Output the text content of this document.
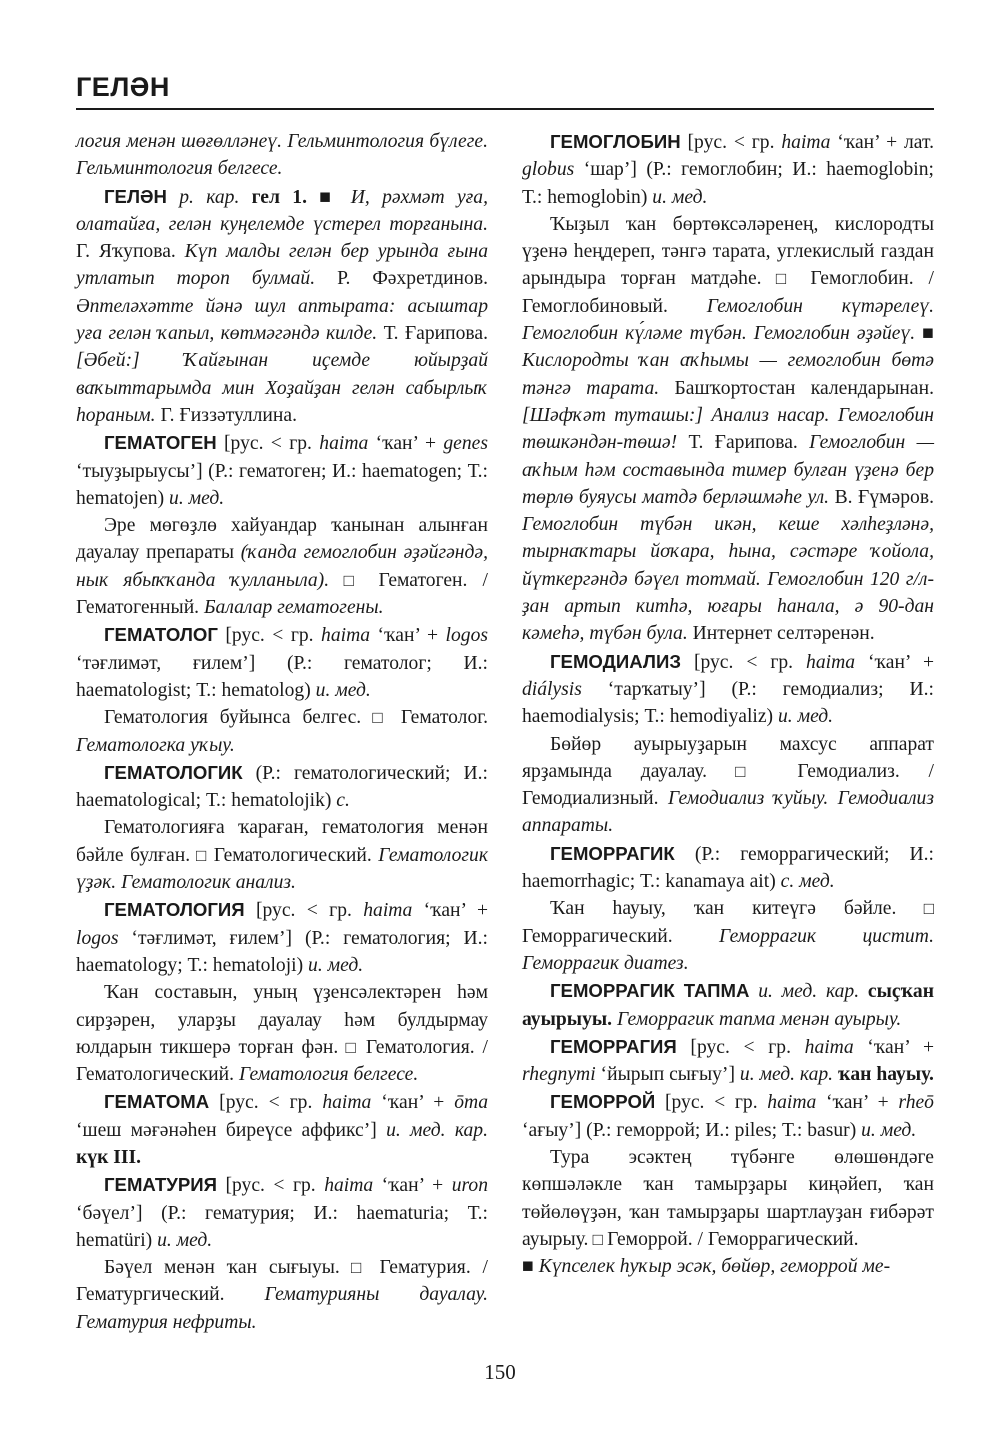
ГЕЛӘН

логия менән шөғөлләнеү. Гельминтология бүлеге. Гельминтология белгесе.

ГЕЛӘН р. кар. гел 1. ■ И, рәхмәт уға, олатайға, гелән куңелемде үстерел торғанына. Г. Яҡупова. Күп малды гелән бер урында ғына утлатып тороп булмай. Р. Фәхретдинов. Әптеләхәтте йәнә шул аптырата: асыштар уға гелән ҡапыл, көтмәгәндә килде. Т. Ғарипова. [Әбей:] Ҡайғынан иҫемде юйырҙай ваҡыттарымда мин Хоҙайҙан гелән сабырлыҡ һораным. Г. Ғиззәтуллина.

ГЕМАТОГЕН [рус. < гр. haima ‘ҡан’ + genes ‘тыуҙырыусы’] (Р.: гематоген; И.: haematogen; Т.: hematojen) и. мед.

Эре мөгөҙлө хайуандар ҡанынан алынған дауалау препараты (ҡанда гемоглобин әҙәйгәндә, нык ябыҡҡанда ҡулланыла). □ Гематоген. / Гематогенный. Балалар гематогены.

ГЕМАТОЛОГ [рус. < гр. haima ‘ҡан’ + logos ‘тәғлимәт, ғилем’] (Р.: гематолог; И.: haematologist; Т.: hematolog) и. мед.

Гематология буйынса белгес. □ Гематолог. Гематологка уҡыу.

ГЕМАТОЛОГИК (Р.: гематологический; И.: haematological; Т.: hematolojik) с.

Гематологияға ҡараған, гематология менән бәйле булған. □ Гематологический. Гематологик үҙәк. Гематологик анализ.

ГЕМАТОЛОГИЯ [рус. < гр. haima ‘ҡан’ + logos ‘тәғлимәт, ғилем’] (Р.: гематология; И.: haematology; Т.: hematoloji) и. мед.

Ҡан составын, уның үҙенсәлектәрен һәм сирҙәрен, уларҙы дауалау һәм булдырмау юлдарын тикшерә торған фән. □ Гематология. / Гематологический. Гематология белгесе.

ГЕМАТОМА [рус. < гр. haima ‘ҡан’ + ōma ‘шеш мәғәнәһен биреүсе аффикс’] и. мед. кар. күк III.

ГЕМАТУРИЯ [рус. < гр. haima ‘ҡан’ + uron ‘бәүел’] (Р.: гематурия; И.: haematuria; Т.: hematüri) и. мед.

Бәүел менән ҡан сығыуы. □ Гематурия. / Гематургический. Гематурияны дауалау. Гематурия нефриты.

ГЕМОГЛОБИН [рус. < гр. haima ‘ҡан’ + лат. globus ‘шар’] (Р.: гемоглобин; И.: haemoglobin; Т.: hemoglobin) и. мед.

Ҡыҙыл ҡан бөртөксәләренең, кислородты үҙенә һеңдереп, тәнгә тарата, углекислый газдан арындыра торған матдәһе. □ Гемоглобин. / Гемоглобиновый. Гемоглобин күтәрелеү. Гемоглобин кү́ләме түбән. Гемоглобин әҙәйеү. ■ Кислородты ҡан аҡһымы — гемоглобин бөтә тәнгә тарата. Башҡортостан календарынан. [Шәфҡәт туташы:] Анализ насар. Гемоглобин төшкәндән-төшә! Т. Ғарипова. Гемоглобин — аҡһым һәм составында тимер булған үҙенә бер төрлө буяусы матдә берләшмәһе ул. В. Ғүмәров. Гемоглобин түбән икән, кеше хәлһеҙләнә, тырнаҡтары йоҡара, һына, сәстәре ҡойола, йүткергәндә бәүел тотмай. Гемоглобин 120 г/л-ҙан артып китһә, юғары һанала, ә 90-дан кәмеһә, түбән була. Интернет селтәренән.

ГЕМОДИАЛИЗ [рус. < гр. haima ‘ҡан’ + diálysis ‘тарҡатыу’] (Р.: гемодиализ; И.: haemodialysis; Т.: hemodiyaliz) и. мед.

Бөйөр ауырыуҙарын махсус аппарат ярҙамында дауалау. □ Гемодиализ. / Гемодиализный. Гемодиализ ҡуйыу. Гемодиализ аппараты.

ГЕМОРРАГИК (Р.: геморрагический; И.: haemorrhagic; Т.: kanamaya ait) с. мед.

Ҡан һауыу, ҡан китеүгә бәйле. □ Геморрагический. Геморрагик цистит. Геморрагик диатез.

ГЕМОРРАГИК ТАПМА и. мед. кар. сыҫҡан ауырыуы. Геморрагик тапма менән ауырыу.

ГЕМОРРАГИЯ [рус. < гр. haima ‘ҡан’ + rhegnymi ‘йырып сығыу’] и. мед. кар. ҡан һауыу.

ГЕМОРРОЙ [рус. < гр. haima ‘ҡан’ + rheō ‘ағыу’] (Р.: геморрой; И.: piles; Т.: basur) и. мед.

Тура эсәктең түбәнге өлөшөндәге көпшәләкле ҡан тамырҙары киңәйеп, ҡан төйөлөүҙән, ҡан тамырҙары шартлауҙан ғибәрәт ауырыу. □ Геморрой. / Геморрагический.

■ Күпселек һуҡыр эсәк, бөйөр, геморрой ме-

150
